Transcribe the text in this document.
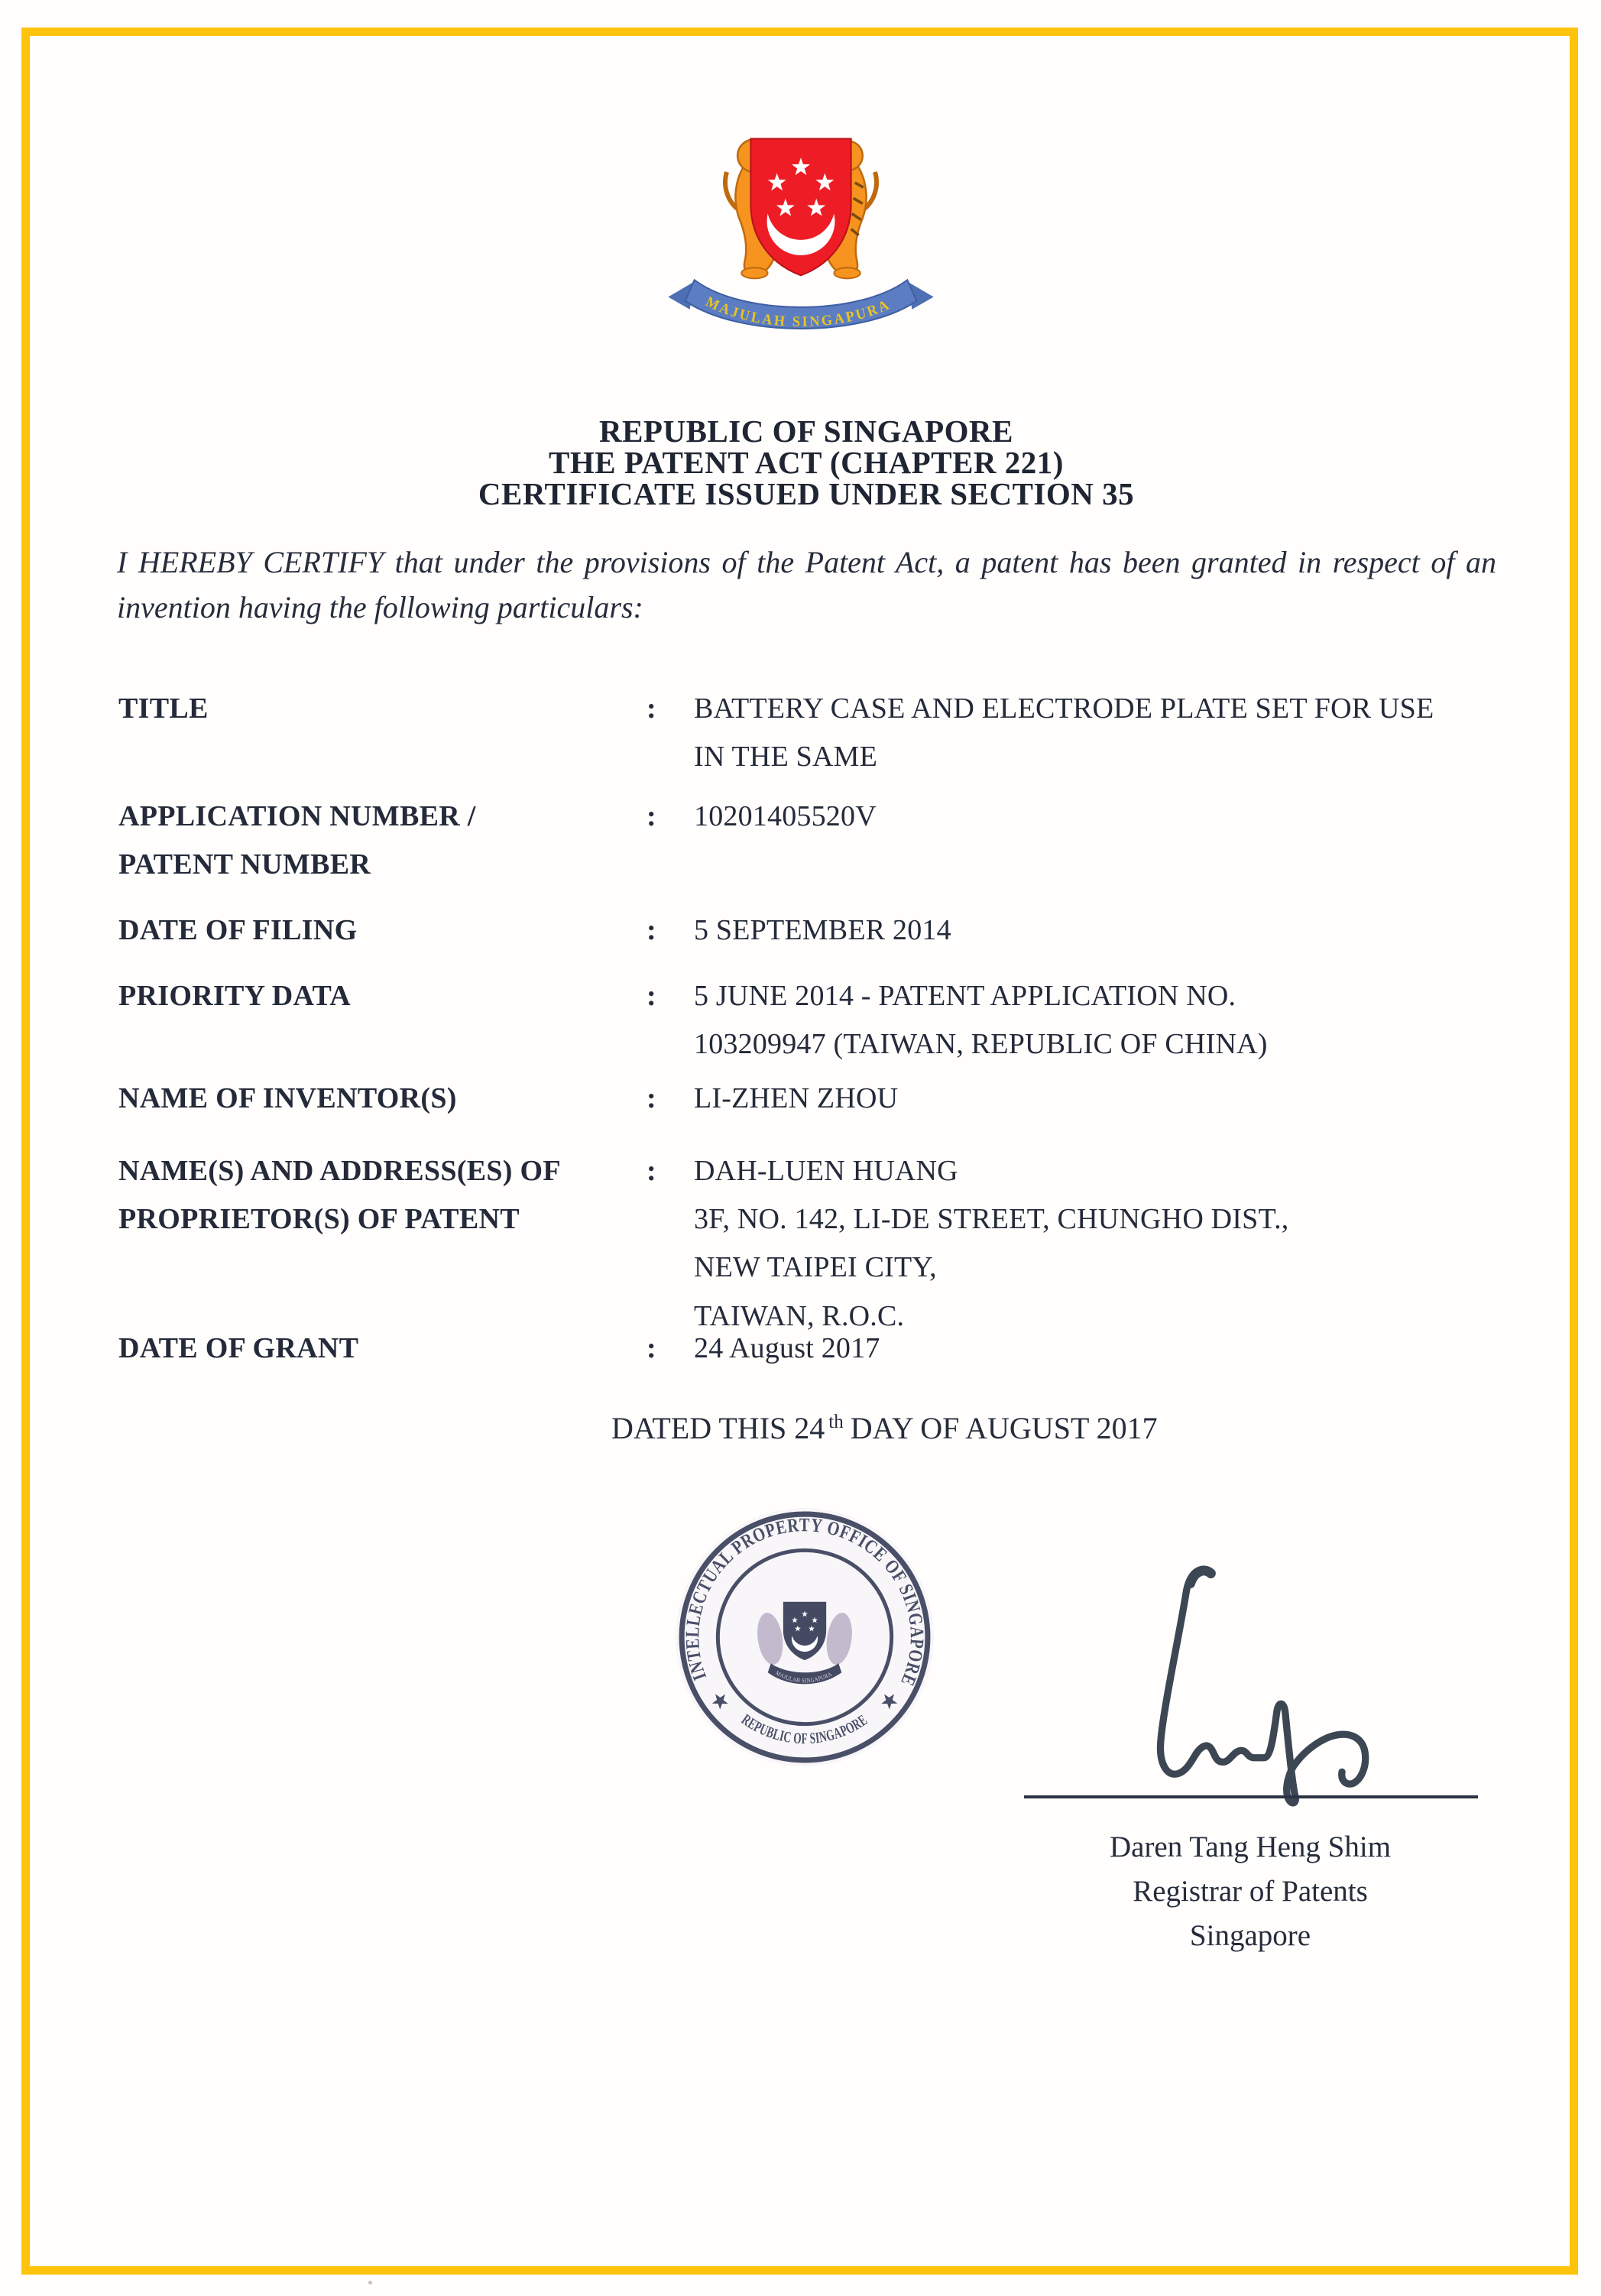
MAJULAH SINGAPURA
REPUBLIC OF SINGAPORE
THE PATENT ACT (CHAPTER 221)
CERTIFICATE ISSUED UNDER SECTION 35
I HEREBY CERTIFY that under the provisions of the Patent Act, a patent has been granted in respect of an
invention having the following particulars:
TITLE	: BATTERY CASE AND ELECTRODE PLATE SET FOR USE
IN THE SAME
APPLICATION NUMBER /
PATENT NUMBER
: 10201405520V
DATE OF FILING	: 5 SEPTEMBER 2014
PRIORITY DATA	: 5 JUNE 2014 - PATENT APPLICATION NO.
103209947 (TAIWAN, REPUBLIC OF CHINA)
NAME OF INVENTOR(S)	: LI-ZHEN ZHOU
NAME(S) AND ADDRESS(ES) OF
PROPRIETOR(S) OF PATENT
: DAH-LUEN HUANG
3F, NO. 142, LI-DE STREET, CHUNGHO DIST.,
NEW TAIPEI CITY,
TAIWAN, R.O.C.
DATE OF GRANT	: 24 August 2017
DATED THIS 24 $^{th}$ DAY OF AUGUST 2017
INTELLECTUAL PROPERTY OFFICE OF SINGAPORE
REPUBLIC OF SINGAPORE
MAJULAH SINGAPURA
Daren Tang Heng Shim
Registrar of Patents
Singapore
